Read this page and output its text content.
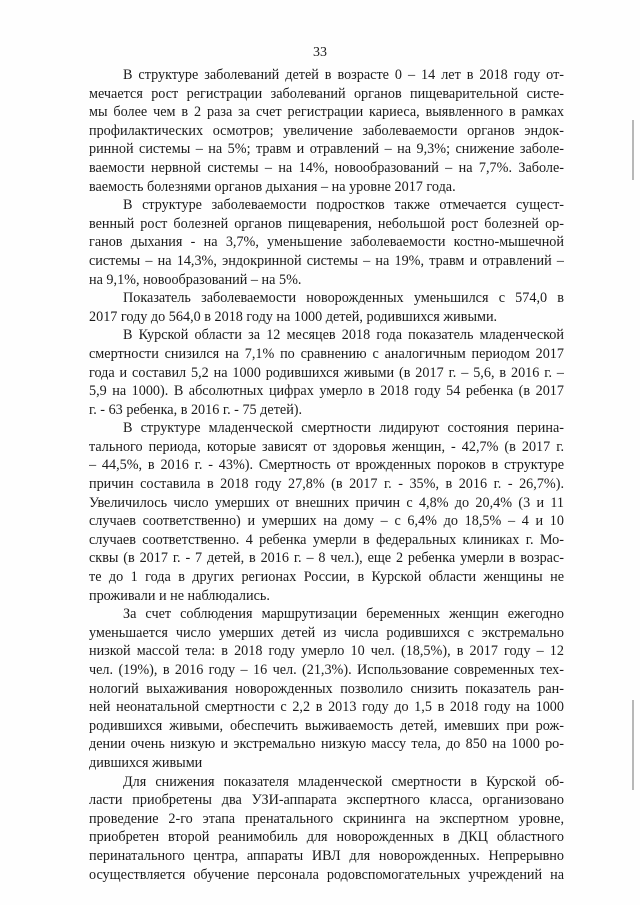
33
В структуре заболеваний детей в возрасте 0 – 14 лет в 2018 году от-
мечается рост регистрации заболеваний органов пищеварительной систе-
мы более чем в 2 раза за счет регистрации кариеса, выявленного в рамках
профилактических осмотров; увеличение заболеваемости органов эндок-
ринной системы – на 5%; травм и отравлений – на 9,3%; снижение заболе-
ваемости нервной системы – на 14%, новообразований – на 7,7%. Заболе-
ваемость болезнями органов дыхания – на уровне 2017 года.
В структуре заболеваемости подростков также отмечается сущест-
венный рост болезней органов пищеварения, небольшой рост болезней ор-
ганов дыхания - на 3,7%, уменьшение заболеваемости костно-мышечной
системы – на 14,3%, эндокринной системы – на 19%, травм и отравлений –
на 9,1%, новообразований – на 5%.
Показатель заболеваемости новорожденных уменьшился с 574,0 в
2017 году до 564,0 в 2018 году на 1000 детей, родившихся живыми.
В Курской области за 12 месяцев 2018 года показатель младенческой
смертности снизился на 7,1% по сравнению с аналогичным периодом 2017
года и составил 5,2 на 1000 родившихся живыми (в 2017 г. – 5,6, в 2016 г. –
5,9 на 1000). В абсолютных цифрах умерло в 2018 году 54 ребенка (в 2017
г. - 63 ребенка, в 2016 г. - 75 детей).
В структуре младенческой смертности лидируют состояния перина-
тального периода, которые зависят от здоровья женщин, - 42,7% (в 2017 г.
– 44,5%, в 2016 г. - 43%). Смертность от врожденных пороков в структуре
причин составила в 2018 году 27,8% (в 2017 г. - 35%, в 2016 г. - 26,7%).
Увеличилось число умерших от внешних причин с 4,8% до 20,4% (3 и 11
случаев соответственно) и умерших на дому – с 6,4% до 18,5% – 4 и 10
случаев соответственно. 4 ребенка умерли в федеральных клиниках г. Мо-
сквы (в 2017 г. - 7 детей, в 2016 г. – 8 чел.), еще 2 ребенка умерли в возрас-
те до 1 года в других регионах России, в Курской области женщины не
проживали и не наблюдались.
За счет соблюдения маршрутизации беременных женщин ежегодно
уменьшается число умерших детей из числа родившихся с экстремально
низкой массой тела: в 2018 году умерло 10 чел. (18,5%), в 2017 году – 12
чел. (19%), в 2016 году – 16 чел. (21,3%). Использование современных тех-
нологий выхаживания новорожденных позволило снизить показатель ран-
ней неонатальной смертности с 2,2 в 2013 году до 1,5 в 2018 году на 1000
родившихся живыми, обеспечить выживаемость детей, имевших при рож-
дении очень низкую и экстремально низкую массу тела, до 850 на 1000 ро-
дившихся живыми
Для снижения показателя младенческой смертности в Курской об-
ласти приобретены два УЗИ-аппарата экспертного класса, организовано
проведение 2-го этапа пренатального скрининга на экспертном уровне,
приобретен второй реанимобиль для новорожденных в ДКЦ областного
перинатального центра, аппараты ИВЛ для новорожденных. Непрерывно
осуществляется обучение персонала родовспомогательных учреждений на
